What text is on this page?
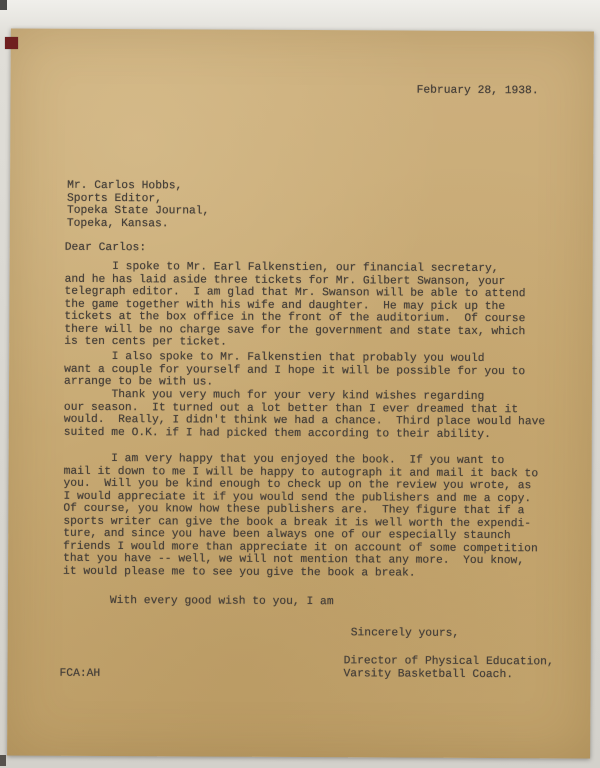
February 28, 1938.
Mr. Carlos Hobbs,
Sports Editor,
Topeka State Journal,
Topeka, Kansas.
Dear Carlos:
I spoke to Mr. Earl Falkenstien, our financial secretary,
and he has laid aside three tickets for Mr. Gilbert Swanson, your
telegraph editor.  I am glad that Mr. Swanson will be able to attend
the game together with his wife and daughter.  He may pick up the
tickets at the box office in the front of the auditorium.  Of course
there will be no charge save for the government and state tax, which
is ten cents per ticket.
I also spoke to Mr. Falkenstien that probably you would
want a couple for yourself and I hope it will be possible for you to
arrange to be with us.
Thank you very much for your very kind wishes regarding
our season.  It turned out a lot better than I ever dreamed that it
would.  Really, I didn't think we had a chance.  Third place would have
suited me O.K. if I had picked them according to their ability.
I am very happy that you enjoyed the book.  If you want to
mail it down to me I will be happy to autograph it and mail it back to
you.  Will you be kind enough to check up on the review you wrote, as
I would appreciate it if you would send the publishers and me a copy.
Of course, you know how these publishers are.  They figure that if a
sports writer can give the book a break it is well worth the expendi-
ture, and since you have been always one of our especially staunch
friends I would more than appreciate it on account of some competition
that you have -- well, we will not mention that any more.  You know,
it would please me to see you give the book a break.
With every good wish to you, I am
Sincerely yours,
Director of Physical Education,
Varsity Basketball Coach.
FCA:AH
